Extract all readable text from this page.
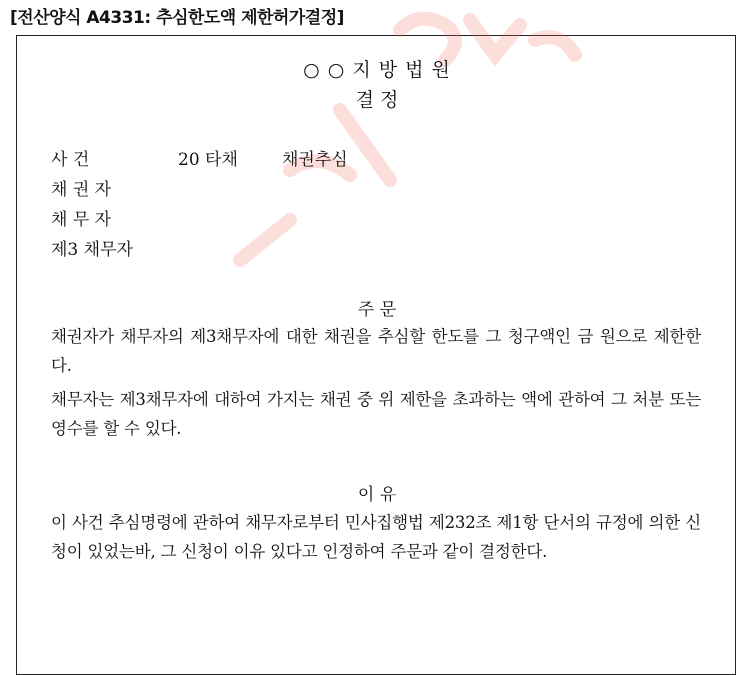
[전산양식 A4331: 추심한도액 제한허가결정]
○ ○ 지 방 법 원
결 정
사 건	20 타채	채권추심
채 권 자
채 무 자
제3 채무자
주 문
채권자가 채무자의 제3채무자에 대한 채권을 추심할 한도를 그 청구액인 금 원으로 제한한다.
채무자는 제3채무자에 대하여 가지는 채권 중 위 제한을 초과하는 액에 관하여 그 처분 또는 영수를 할 수 있다.
이 유
이 사건 추심명령에 관하여 채무자로부터 민사집행법 제232조 제1항 단서의 규정에 의한 신청이 있었는바, 그 신청이 이유 있다고 인정하여 주문과 같이 결정한다.
